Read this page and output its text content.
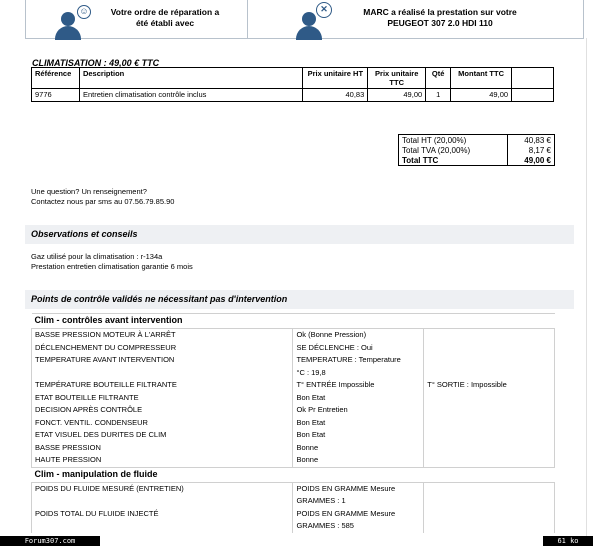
☺	Votre ordre de réparation a
été établi avec
✕	MARC a réalisé la prestation sur votre
PEUGEOT 307 2.0 HDI 110
CLIMATISATION : 49,00 € TTC
Référence	Description	Prix unitaire HT	Prix unitaire TTC	Qté	Montant TTC	
9776	Entretien climatisation contrôle inclus	40,83	49,00	1	49,00	
Total HT (20,00%)	40,83 €
Total TVA (20,00%)	8,17 €
Total TTC	49,00 €
Une question? Un renseignement?
Contactez nous par sms au 07.56.79.85.90
Observations et conseils
Gaz utilisé pour la climatisation : r-134a
Prestation entretien climatisation garantie 6 mois
Points de contrôle validés ne nécessitant pas d'intervention
Clim - contrôles avant intervention		
BASSE PRESSION MOTEUR À L'ARRÊT	Ok (Bonne Pression)	
DÉCLENCHEMENT DU COMPRESSEUR	SE DÉCLENCHE : Oui	
TEMPERATURE AVANT INTERVENTION	TEMPERATURE : Temperature	
	°C : 19,8	
TEMPÉRATURE BOUTEILLE FILTRANTE	T° ENTRÉE Impossible	T° SORTIE : Impossible
ETAT BOUTEILLE FILTRANTE	Bon Etat	
DECISION APRÈS CONTRÔLE	Ok Pr Entretien	
FONCT. VENTIL. CONDENSEUR	Bon Etat	
ETAT VISUEL DES DURITES DE CLIM	Bon Etat	
BASSE PRESSION	Bonne	
HAUTE PRESSION	Bonne	
Clim - manipulation de fluide		
POIDS DU FLUIDE MESURÉ (ENTRETIEN)	POIDS EN GRAMME Mesure	
	GRAMMES : 1	
POIDS TOTAL DU FLUIDE INJECTÉ	POIDS EN GRAMME Mesure	
	GRAMMES : 585	
Forum307.com	61 ko
